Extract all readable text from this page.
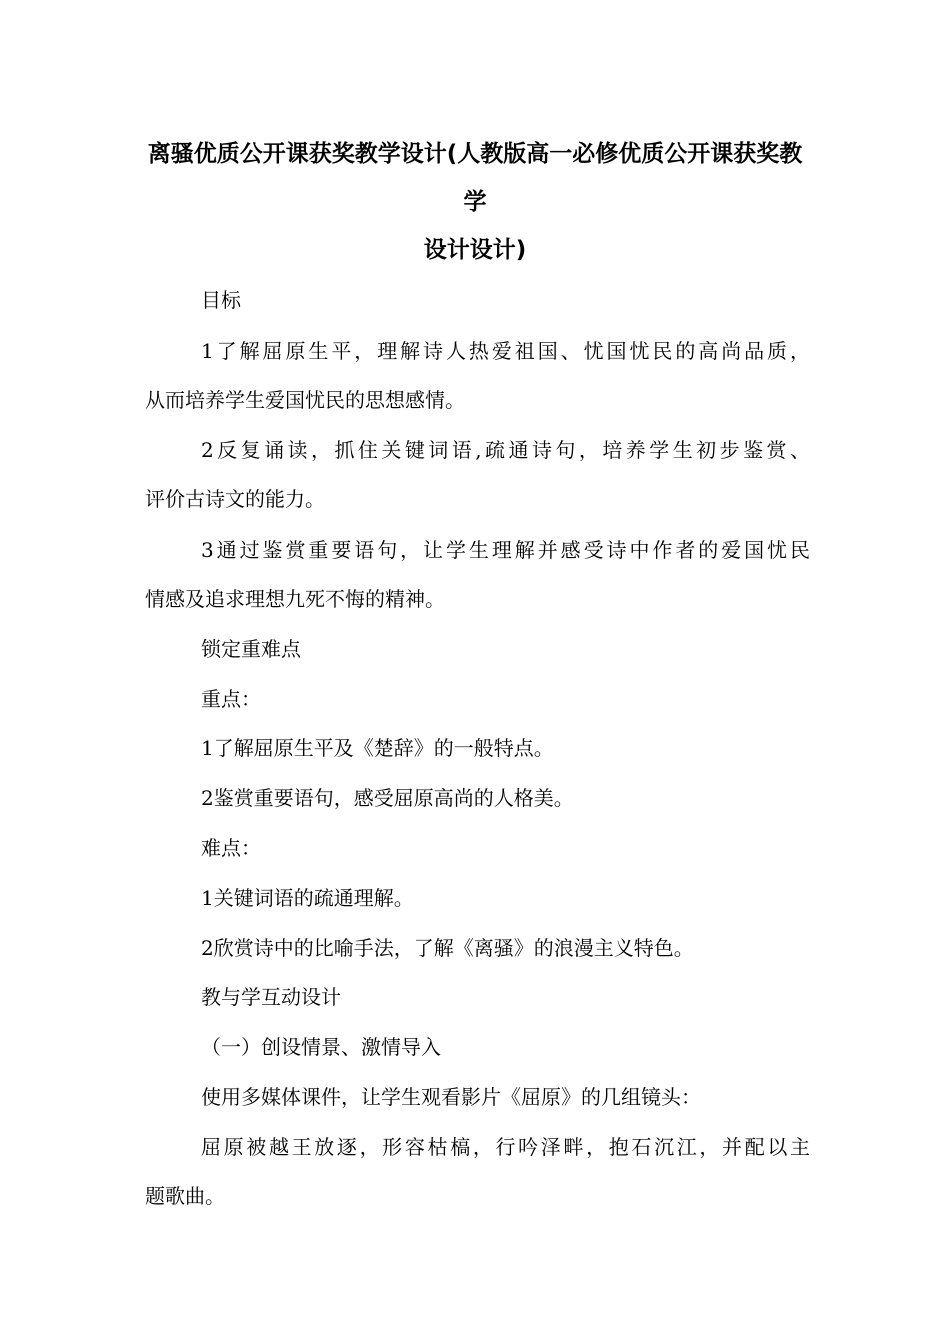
离骚优质公开课获奖教学设计(人教版高一必修优质公开课获奖教学
设计设计)
目标
1了解屈原生平，理解诗人热爱祖国、忧国忧民的高尚品质，
从而培养学生爱国忧民的思想感情。
2反复诵读，抓住关键词语,疏通诗句，培养学生初步鉴赏、
评价古诗文的能力。
3通过鉴赏重要语句，让学生理解并感受诗中作者的爱国忧民
情感及追求理想九死不悔的精神。
锁定重难点
重点：
1了解屈原生平及《楚辞》的一般特点。
2鉴赏重要语句，感受屈原高尚的人格美。
难点：
1关键词语的疏通理解。
2欣赏诗中的比喻手法，了解《离骚》的浪漫主义特色。
教与学互动设计
（一）创设情景、激情导入
使用多媒体课件，让学生观看影片《屈原》的几组镜头：
屈原被越王放逐，形容枯槁，行吟泽畔，抱石沉江，并配以主
题歌曲。
